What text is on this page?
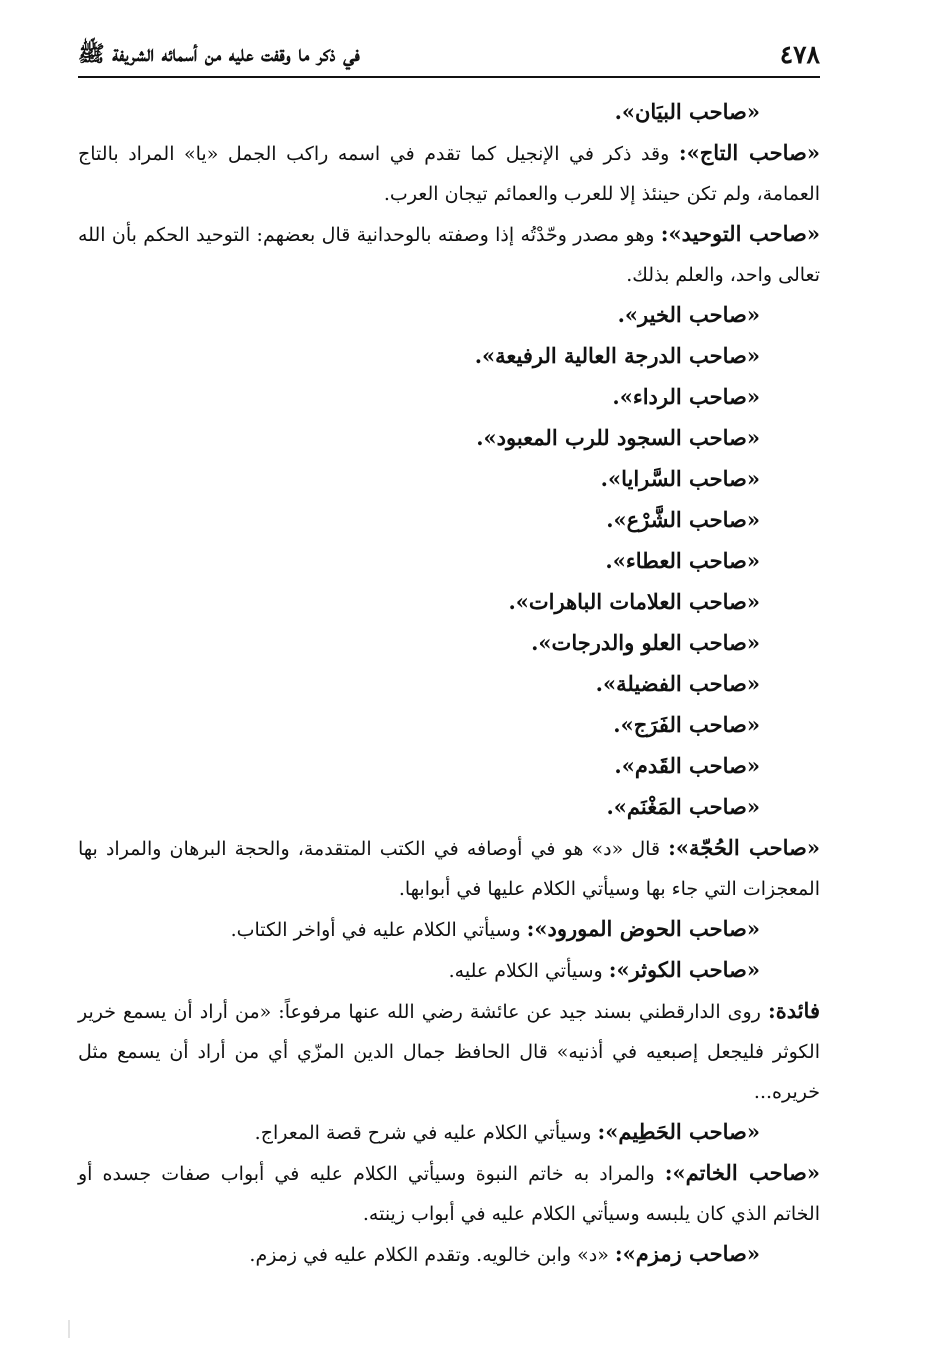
٤٧٨
في ذكر ما وقفت عليه من أسمائه الشريفة ﷺ

«صاحب البيَان».

«صاحب التاج»: وقد ذكر في الإنجيل كما تقدم في اسمه راكب الجمل «يا» المراد بالتاج العمامة، ولم تكن حينئذ إلا للعرب والعمائم تيجان العرب.

«صاحب التوحيد»: وهو مصدر وحّدْتُه إذا وصفته بالوحدانية قال بعضهم: التوحيد الحكم بأن الله تعالى واحد، والعلم بذلك.

«صاحب الخير».

«صاحب الدرجة العالية الرفيعة».

«صاحب الرداء».

«صاحب السجود للرب المعبود».

«صاحب السَّرايا».

«صاحب الشَّرْع».

«صاحب العطاء».

«صاحب العلامات الباهرات».

«صاحب العلو والدرجات».

«صاحب الفضيلة».

«صاحب الفَرَج».

«صاحب القَدم».

«صاحب المَغْنَم».

«صاحب الحُجّة»: قال «د» هو في أوصافه في الكتب المتقدمة، والحجة البرهان والمراد بها المعجزات التي جاء بها وسيأتي الكلام عليها في أبوابها.

«صاحب الحوض المورود»: وسيأتي الكلام عليه في أواخر الكتاب.

«صاحب الكوثر»: وسيأتي الكلام عليه.

فائدة: روى الدارقطني بسند جيد عن عائشة رضي الله عنها مرفوعاً: «من أراد أن يسمع خرير الكوثر فليجعل إصبعيه في أذنيه» قال الحافظ جمال الدين المزّي أي من أراد أن يسمع مثل خريره...

«صاحب الحَطِيم»: وسيأتي الكلام عليه في شرح قصة المعراج.

«صاحب الخاتم»: والمراد به خاتم النبوة وسيأتي الكلام عليه في أبواب صفات جسده أو الخاتم الذي كان يلبسه وسيأتي الكلام عليه في أبواب زينته.

«صاحب زمزم»: «د» وابن خالويه. وتقدم الكلام عليه في زمزم.
